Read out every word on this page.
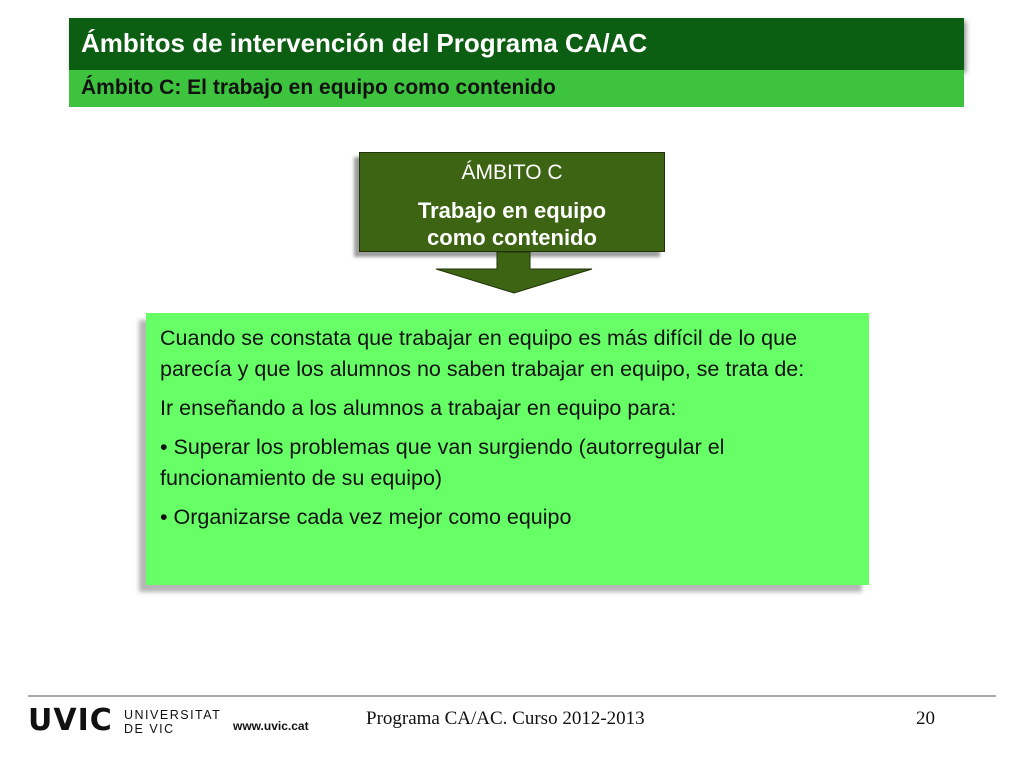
Ámbitos de intervención del Programa CA/AC
Ámbito C: El trabajo en equipo como contenido
ÁMBITO C
Trabajo en equipo
como contenido

Cuando se constata que trabajar en equipo es más difícil de lo que parecía y que los alumnos no saben trabajar en equipo, se trata de:

Ir enseñando a los alumnos a trabajar en equipo para:

• Superar los problemas que van surgiendo (autorregular el funcionamiento de su equipo)

• Organizarse cada vez mejor como equipo

UVIC UNIVERSITAT
DE VIC	www.uvic.cat	Programa CA/AC. Curso 2012-2013	20
